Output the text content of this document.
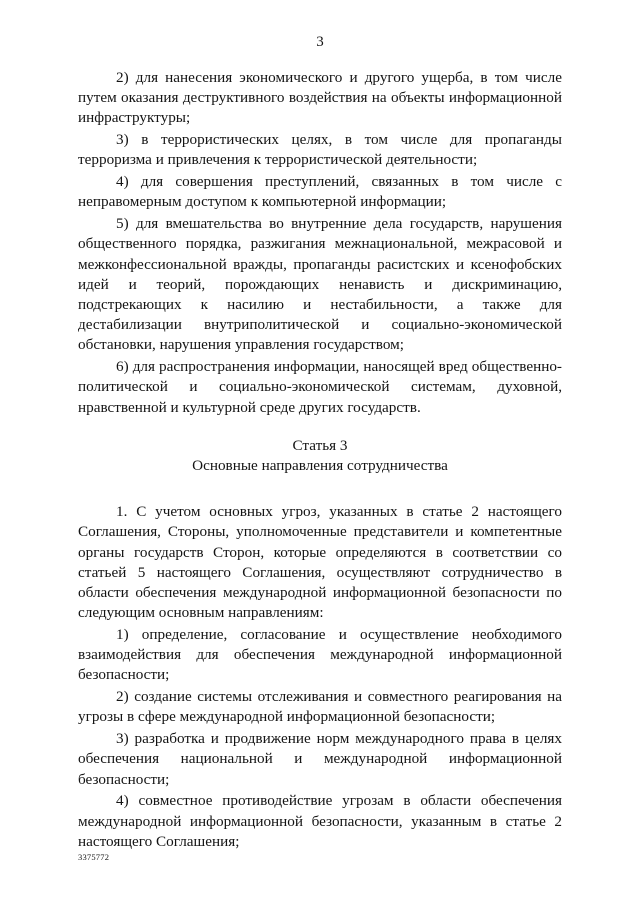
3

2) для нанесения экономического и другого ущерба, в том числе путем оказания деструктивного воздействия на объекты информационной инфраструктуры;

3) в террористических целях, в том числе для пропаганды терроризма и привлечения к террористической деятельности;

4) для совершения преступлений, связанных в том числе с неправомерным доступом к компьютерной информации;

5) для вмешательства во внутренние дела государств, нарушения общественного порядка, разжигания межнациональной, межрасовой и межконфессиональной вражды, пропаганды расистских и ксенофобских идей и теорий, порождающих ненависть и дискриминацию, подстрекающих к насилию и нестабильности, а также для дестабилизации внутриполитической и социально-экономической обстановки, нарушения управления государством;

6) для распространения информации, наносящей вред общественно-политической и социально-экономической системам, духовной, нравственной и культурной среде других государств.

Статья 3
Основные направления сотрудничества

1. С учетом основных угроз, указанных в статье 2 настоящего Соглашения, Стороны, уполномоченные представители и компетентные органы государств Сторон, которые определяются в соответствии со статьей 5 настоящего Соглашения, осуществляют сотрудничество в области обеспечения международной информационной безопасности по следующим основным направлениям:

1) определение, согласование и осуществление необходимого взаимодействия для обеспечения международной информационной безопасности;

2) создание системы отслеживания и совместного реагирования на угрозы в сфере международной информационной безопасности;

3) разработка и продвижение норм международного права в целях обеспечения национальной и международной информационной безопасности;

4) совместное противодействие угрозам в области обеспечения международной информационной безопасности, указанным в статье 2 настоящего Соглашения;

3375772
